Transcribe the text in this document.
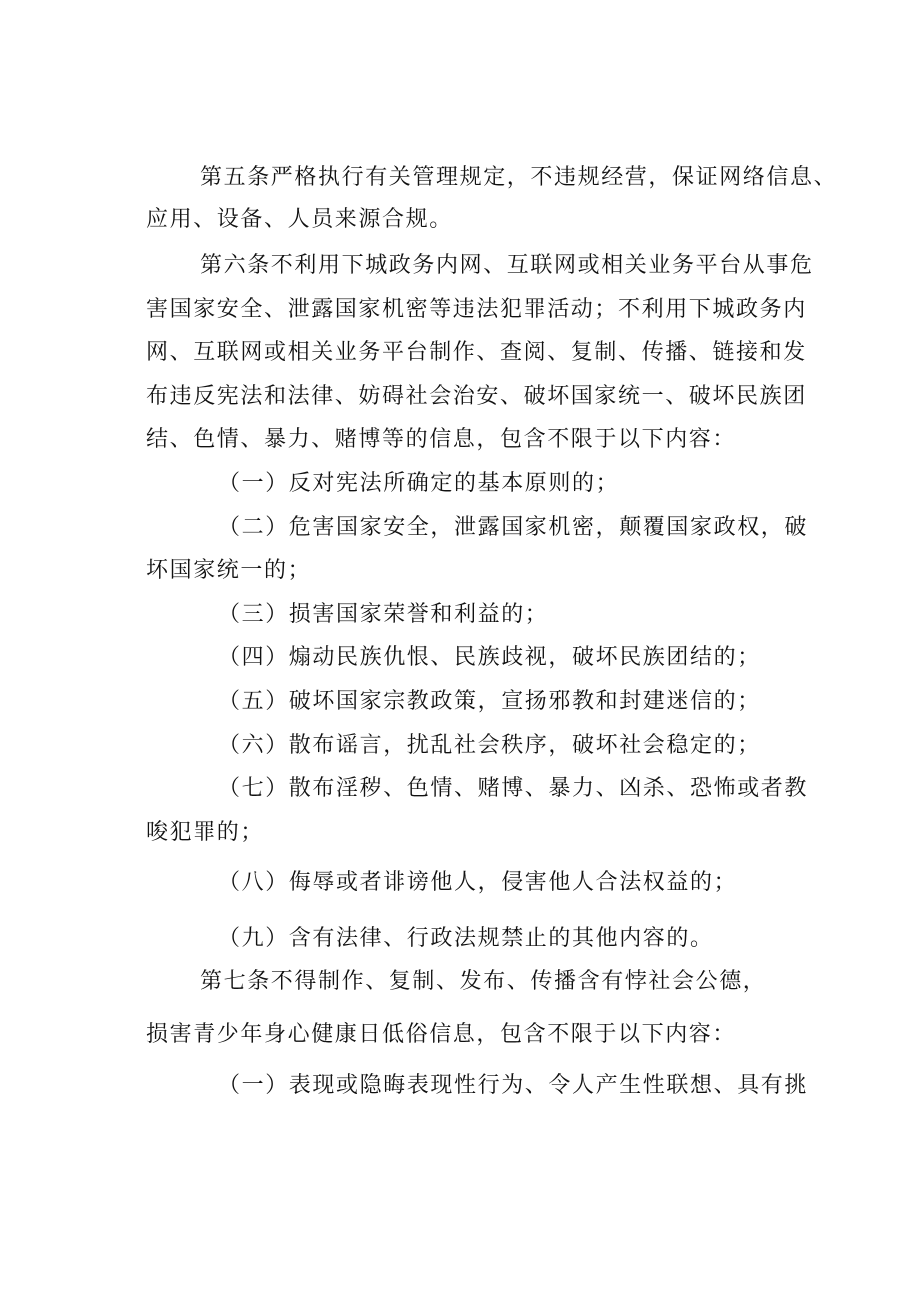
第五条严格执行有关管理规定，不违规经营，保证网络信息、
应用、设备、人员来源合规。
第六条不利用下城政务内网、互联网或相关业务平台从事危
害国家安全、泄露国家机密等违法犯罪活动；不利用下城政务内
网、互联网或相关业务平台制作、查阅、复制、传播、链接和发
布违反宪法和法律、妨碍社会治安、破坏国家统一、破坏民族团
结、色情、暴力、赌博等的信息，包含不限于以下内容：
（一）反对宪法所确定的基本原则的；
（二）危害国家安全，泄露国家机密，颠覆国家政权，破
坏国家统一的；
（三）损害国家荣誉和利益的；
（四）煽动民族仇恨、民族歧视，破坏民族团结的；
（五）破坏国家宗教政策，宣扬邪教和封建迷信的；
（六）散布谣言，扰乱社会秩序，破坏社会稳定的；
（七）散布淫秽、色情、赌博、暴力、凶杀、恐怖或者教
唆犯罪的；
（八）侮辱或者诽谤他人，侵害他人合法权益的；
（九）含有法律、行政法规禁止的其他内容的。
第七条不得制作、复制、发布、传播含有悖社会公德，
损害青少年身心健康日低俗信息，包含不限于以下内容：
（一）表现或隐晦表现性行为、令人产生性联想、具有挑
